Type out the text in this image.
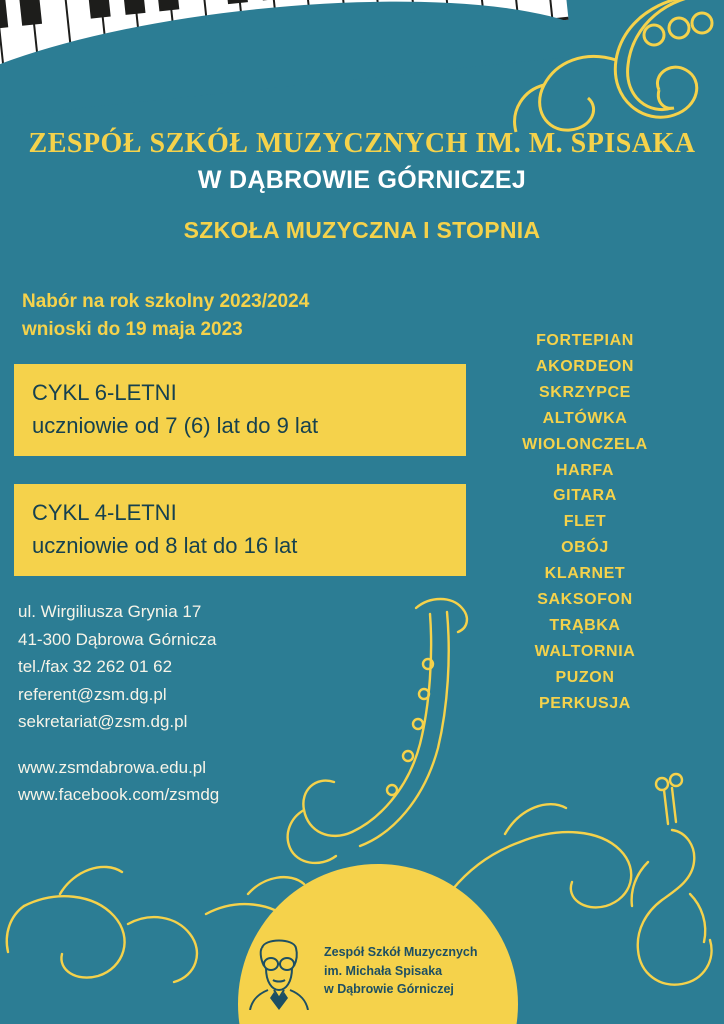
ZESPÓŁ SZKÓŁ MUZYCZNYCH IM. M. SPISAKA
W DĄBROWIE GÓRNICZEJ
SZKOŁA MUZYCZNA I STOPNIA
Nabór na rok szkolny 2023/2024
wnioski do 19 maja 2023
CYKL 6-LETNI
uczniowie od 7 (6) lat do 9 lat
CYKL 4-LETNI
uczniowie od 8 lat do 16 lat

ul. Wirgiliusza Grynia 17

41-300 Dąbrowa Górnicza

tel./fax 32 262 01 62

referent@zsm.dg.pl

sekretariat@zsm.dg.pl

www.zsmdabrowa.edu.pl

www.facebook.com/zsmdg

FORTEPIAN
AKORDEON
SKRZYPCE
ALTÓWKA
WIOLONCZELA
HARFA
GITARA
FLET
OBÓJ
KLARNET
SAKSOFON
TRĄBKA
WALTORNIA
PUZON
PERKUSJA
Zespół Szkół Muzycznych
im. Michała Spisaka
w Dąbrowie Górniczej
